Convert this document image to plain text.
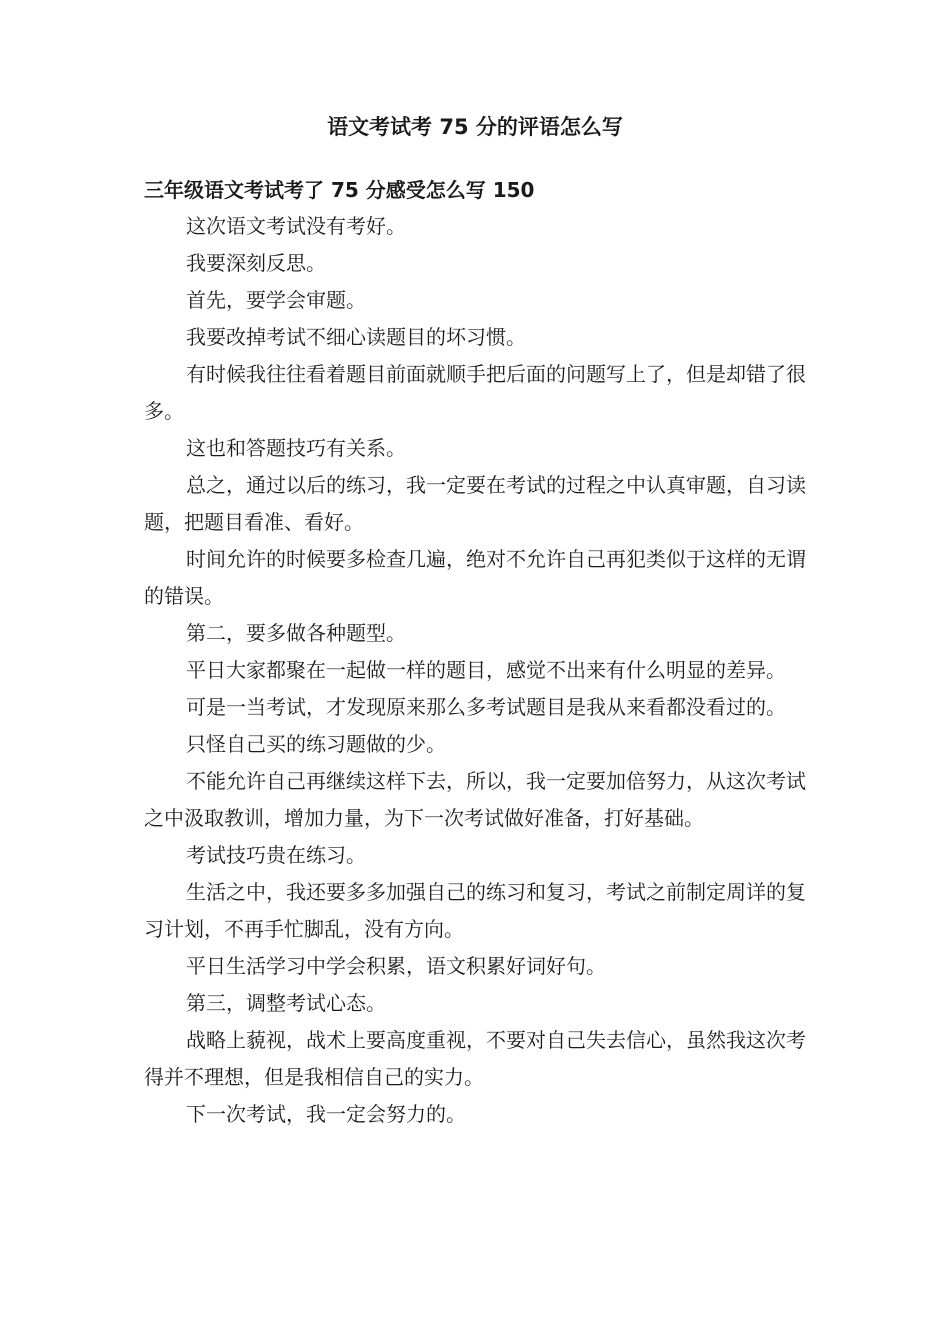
语文考试考 75 分的评语怎么写
三年级语文考试考了 75 分感受怎么写 150

这次语文考试没有考好。

我要深刻反思。

首先，要学会审题。

我要改掉考试不细心读题目的坏习惯。

有时候我往往看着题目前面就顺手把后面的问题写上了，但是却错了很多。

这也和答题技巧有关系。

总之，通过以后的练习，我一定要在考试的过程之中认真审题，自习读题，把题目看准、看好。

时间允许的时候要多检查几遍，绝对不允许自己再犯类似于这样的无谓的错误。

第二，要多做各种题型。

平日大家都聚在一起做一样的题目，感觉不出来有什么明显的差异。

可是一当考试，才发现原来那么多考试题目是我从来看都没看过的。

只怪自己买的练习题做的少。

不能允许自己再继续这样下去，所以，我一定要加倍努力，从这次考试之中汲取教训，增加力量，为下一次考试做好准备，打好基础。

考试技巧贵在练习。

生活之中，我还要多多加强自己的练习和复习，考试之前制定周详的复习计划，不再手忙脚乱，没有方向。

平日生活学习中学会积累，语文积累好词好句。

第三，调整考试心态。

战略上藐视，战术上要高度重视，不要对自己失去信心，虽然我这次考得并不理想，但是我相信自己的实力。

下一次考试，我一定会努力的。
